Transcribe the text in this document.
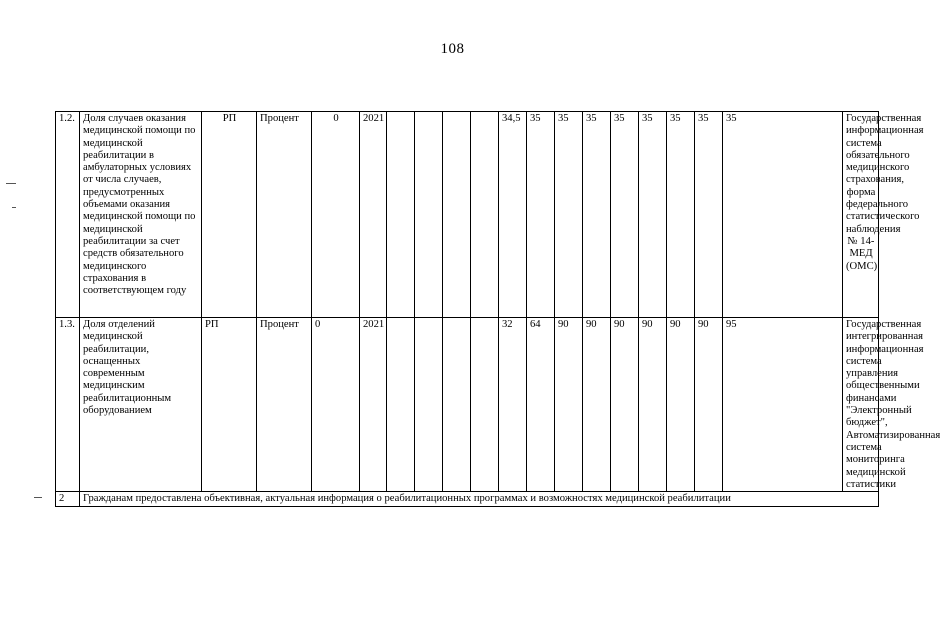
108
1.2.	Доля случаев оказания медицинской помощи по медицинской реабилитации в амбулаторных условиях от числа случаев, предусмотренных объемами оказания медицинской помощи по медицинской реабилитации за счет средств обязательного медицинского страхования в соответствующем году	РП	Процент	0	2021					34,5	35	35	35	35	35	35	35	35	Государственная информационная система обязательного медицинского страхования, форма федерального статистического наблюдения № 14-МЕД (ОМС)
1.3.	Доля отделений медицинской реабилитации, оснащенных современным медицинским реабилитационным оборудованием	РП	Процент	0	2021					32	64	90	90	90	90	90	90	95	Государственная интегрированная информационная система управления общественными финансами "Электронный бюджет", Автоматизированная система мониторинга медицинской статистики
2	Гражданам предоставлена объективная, актуальная информация о реабилитационных программах и возможностях медицинской реабилитации																		
